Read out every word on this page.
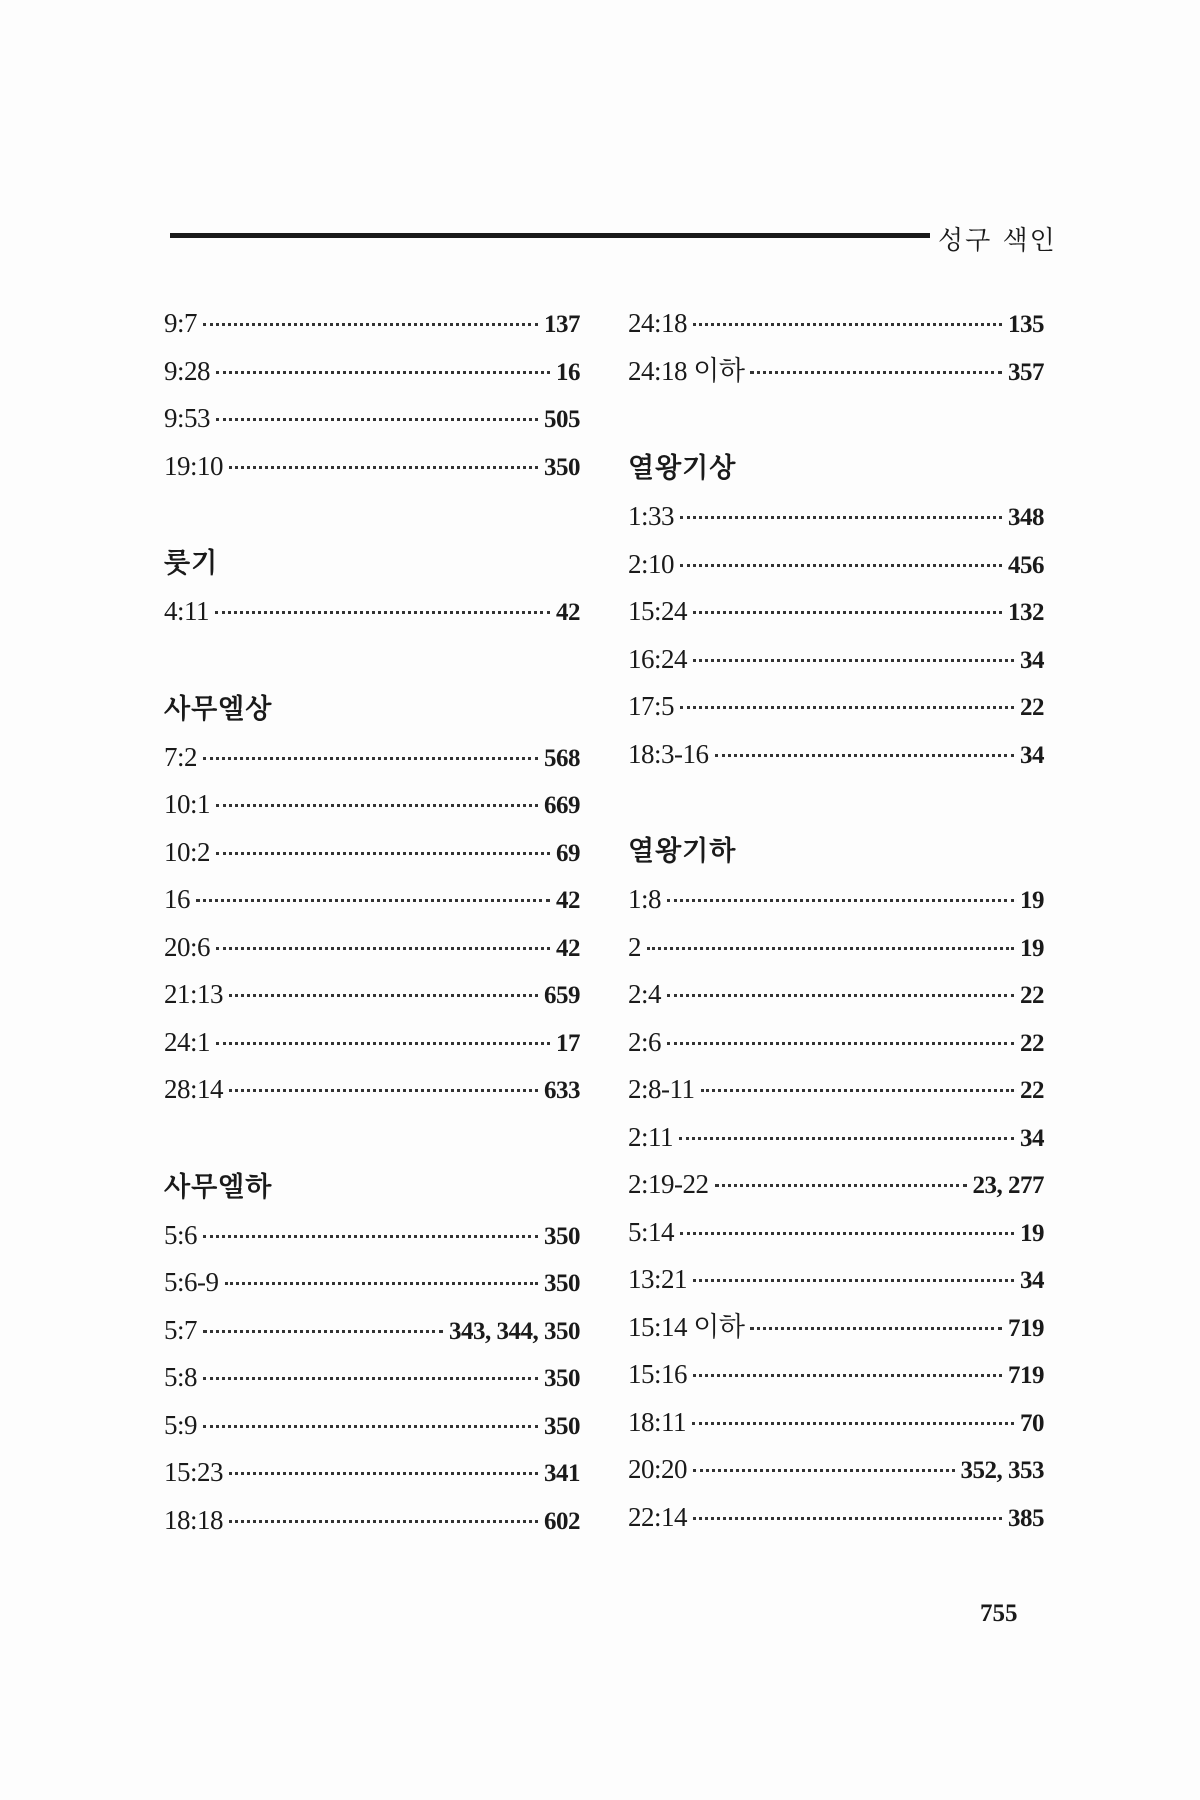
성구 색인
9:7	137
9:28	16
9:53	505
19:10	350
룻기
4:11	42
사무엘상
7:2	568
10:1	669
10:2	69
16	42
20:6	42
21:13	659
24:1	17
28:14	633
사무엘하
5:6	350
5:6-9	350
5:7	343, 344, 350
5:8	350
5:9	350
15:23	341
18:18	602
24:18	135
24:18 이하	357
열왕기상
1:33	348
2:10	456
15:24	132
16:24	34
17:5	22
18:3-16	34
열왕기하
1:8	19
2	19
2:4	22
2:6	22
2:8-11	22
2:11	34
2:19-22	23, 277
5:14	19
13:21	34
15:14 이하	719
15:16	719
18:11	70
20:20	352, 353
22:14	385
755
